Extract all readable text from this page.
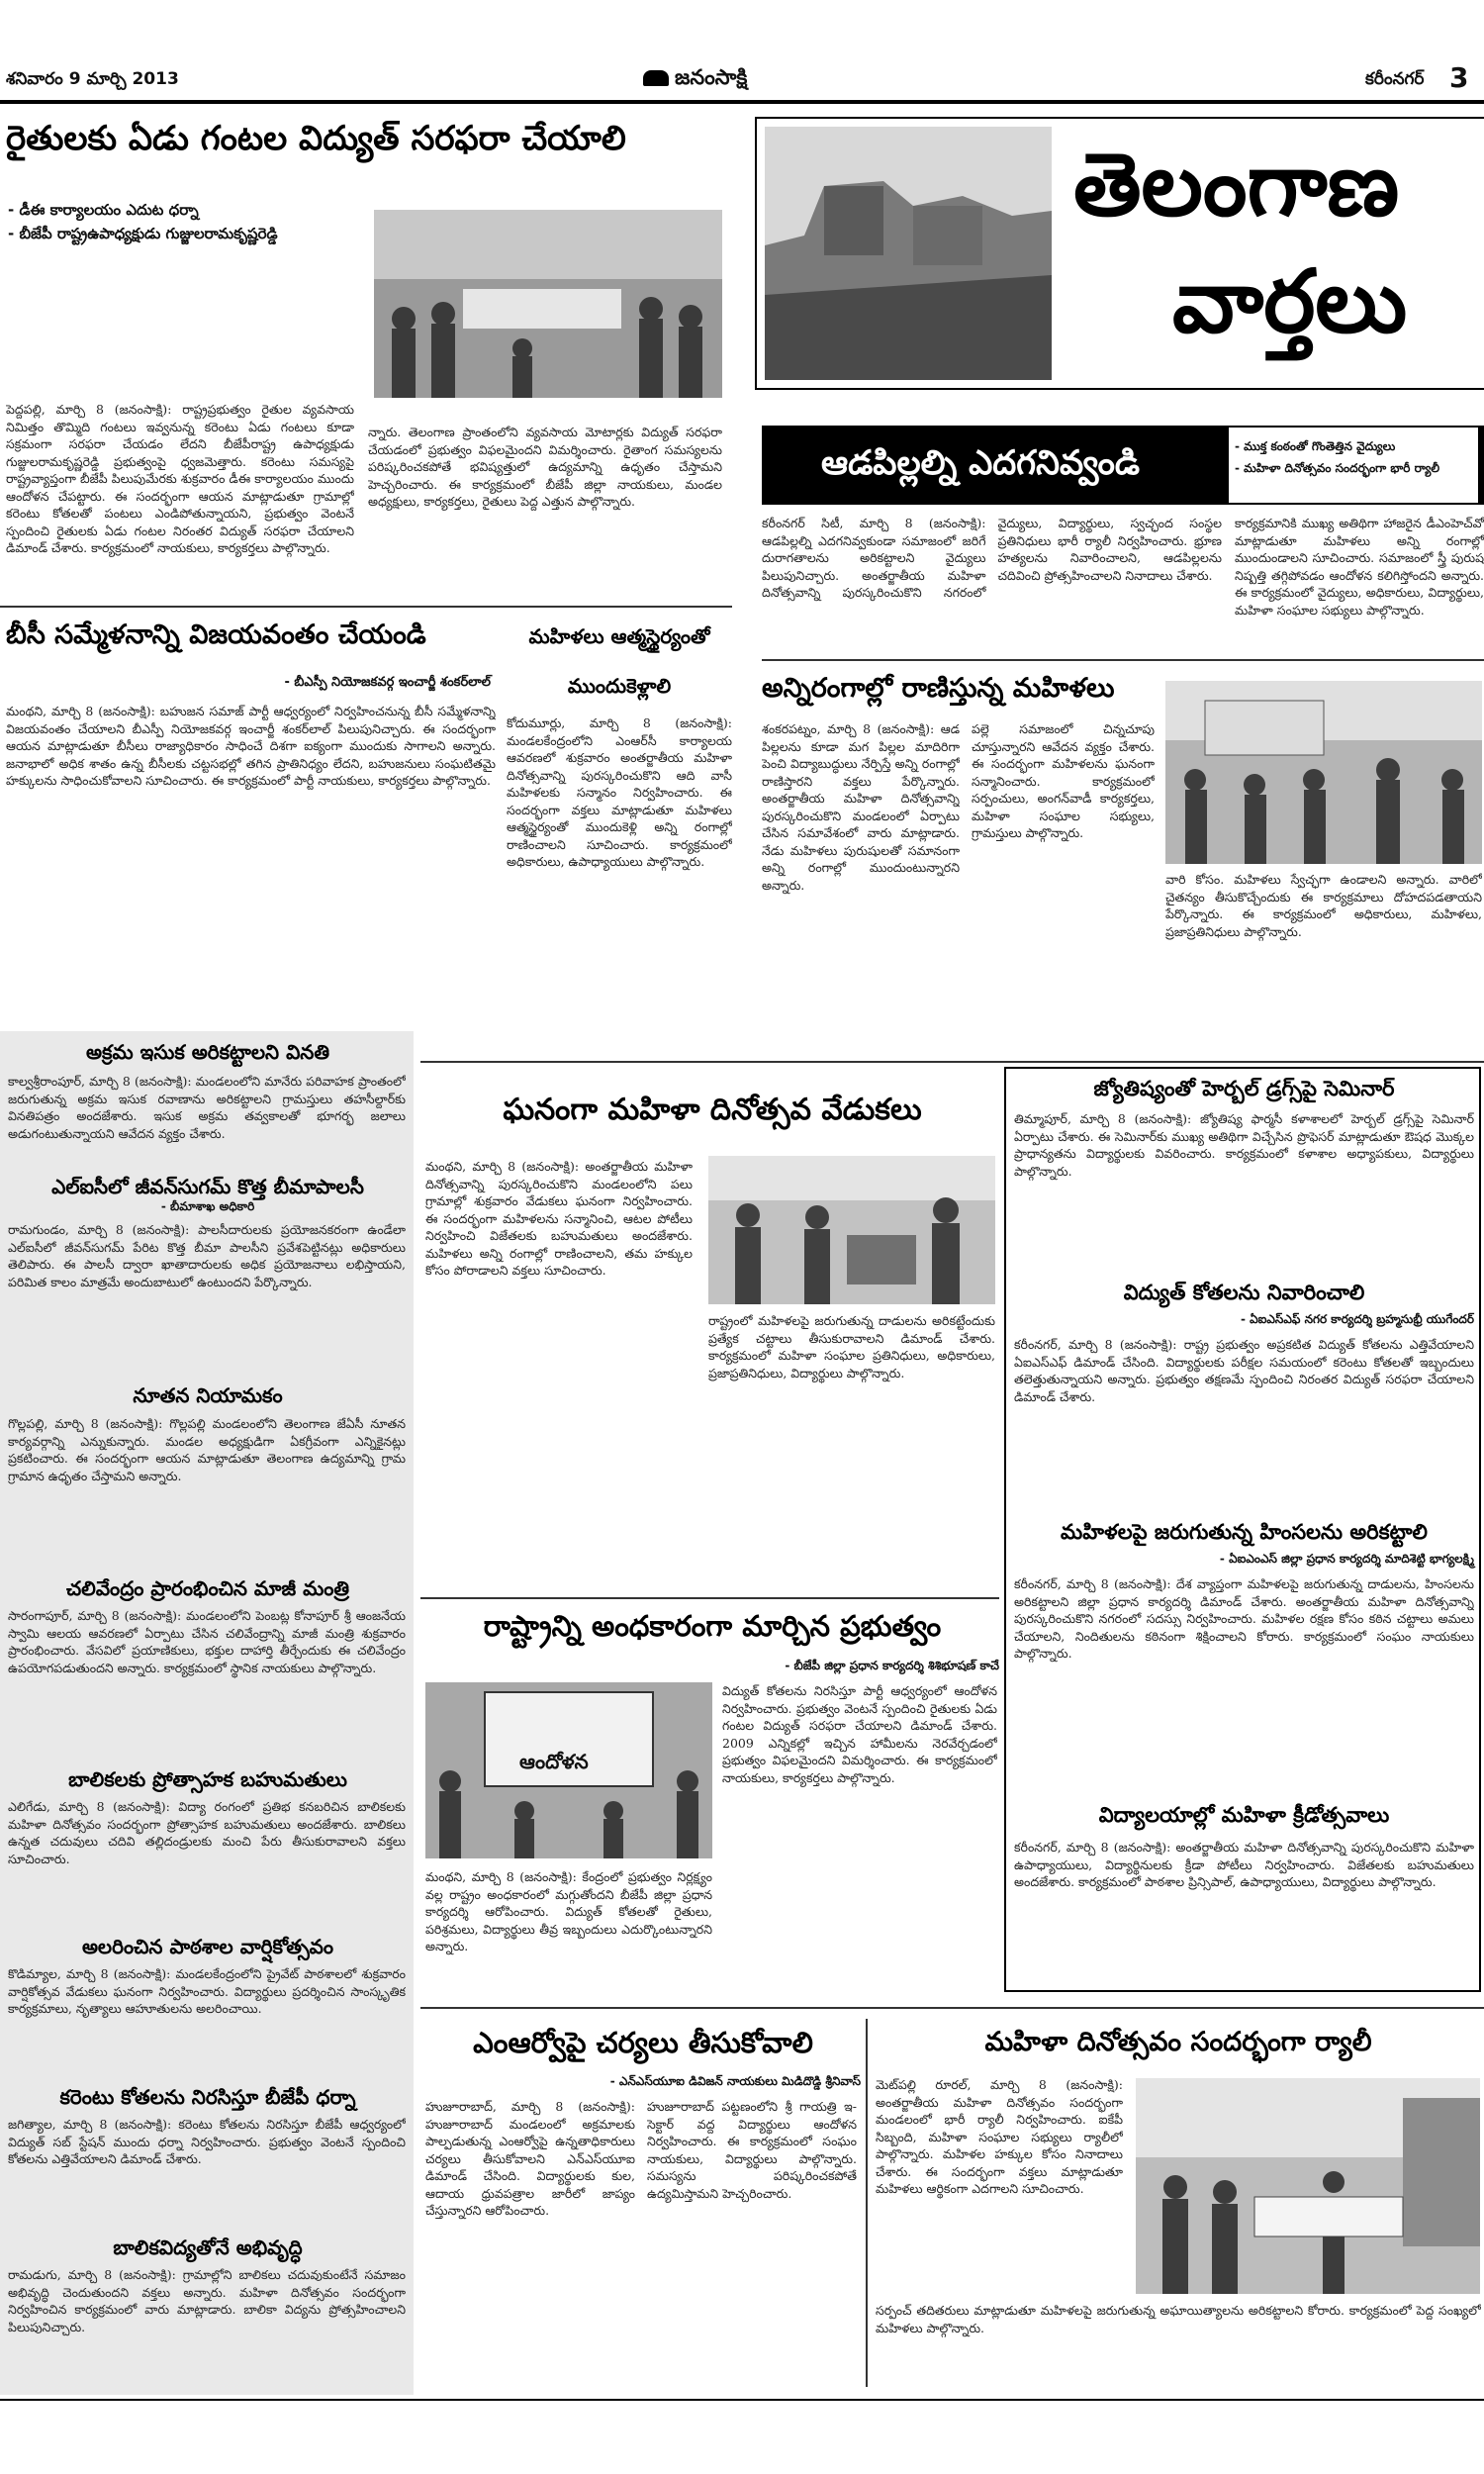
శనివారం 9 మార్చి 2013	జనంసాక్షి	కరీంనగర్ 3
రైతులకు ఏడు గంటల విద్యుత్ సరఫరా చేయాలి
- డీఈ కార్యాలయం ఎదుట ధర్నా
- బీజేపీ రాష్ట్రఉపాధ్యక్షుడు గుజ్జులరామకృష్ణరెడ్డి
పెద్దపల్లి, మార్చి 8 (జనంసాక్షి): రాష్ట్రప్రభుత్వం రైతుల వ్యవసాయ నిమిత్తం తొమ్మిది గంటలు ఇవ్వనున్న కరెంటు ఏడు గంటలు కూడా సక్రమంగా సరఫరా చేయడం లేదని బీజేపీరాష్ట్ర ఉపాధ్యక్షుడు గుజ్జులరామకృష్ణరెడ్డి ప్రభుత్వంపై ధ్వజమెత్తారు. కరెంటు సమస్యపై రాష్ట్రవ్యాప్తంగా బీజేపీ పిలుపుమేరకు శుక్రవారం డీఈ కార్యాలయం ముందు ఆందోళన చేపట్టారు. ఈ సందర్భంగా ఆయన మాట్లాడుతూ గ్రామాల్లో కరెంటు కోతలతో పంటలు ఎండిపోతున్నాయని, ప్రభుత్వం వెంటనే స్పందించి రైతులకు ఏడు గంటల నిరంతర విద్యుత్ సరఫరా చేయాలని డిమాండ్ చేశారు. కార్యక్రమంలో నాయకులు, కార్యకర్తలు పాల్గొన్నారు.
న్నారు. తెలంగాణ ప్రాంతంలోని వ్యవసాయ మోటార్లకు విద్యుత్ సరఫరా చేయడంలో ప్రభుత్వం విఫలమైందని విమర్శించారు. రైతాంగ సమస్యలను పరిష్కరించకపోతే భవిష్యత్తులో ఉద్యమాన్ని ఉధృతం చేస్తామని హెచ్చరించారు. ఈ కార్యక్రమంలో బీజేపీ జిల్లా నాయకులు, మండల అధ్యక్షులు, కార్యకర్తలు, రైతులు పెద్ద ఎత్తున పాల్గొన్నారు.
తెలంగాణ
వార్తలు
ఆడపిల్లల్ని ఎదగనివ్వండి	- ముక్త కంఠంతో గొంతెత్తిన వైద్యులు
- మహిళా దినోత్సవం సందర్భంగా భారీ ర్యాలీ
కరీంనగర్ సిటీ, మార్చి 8 (జనంసాక్షి): ఆడపిల్లల్ని ఎదగనివ్వకుండా సమాజంలో జరిగే దురాగతాలను అరికట్టాలని వైద్యులు పిలుపునిచ్చారు. అంతర్జాతీయ మహిళా దినోత్సవాన్ని పురస్కరించుకొని నగరంలో వైద్యులు, విద్యార్థులు, స్వచ్ఛంద సంస్థల ప్రతినిధులు భారీ ర్యాలీ నిర్వహించారు. భ్రూణ హత్యలను నివారించాలని, ఆడపిల్లలను చదివించి ప్రోత్సహించాలని నినాదాలు చేశారు.
కార్యక్రమానికి ముఖ్య అతిథిగా హాజరైన డీఎంహెచ్‌వో మాట్లాడుతూ మహిళలు అన్ని రంగాల్లో ముందుండాలని సూచించారు. సమాజంలో స్త్రీ పురుష నిష్పత్తి తగ్గిపోవడం ఆందోళన కలిగిస్తోందని అన్నారు. ఈ కార్యక్రమంలో వైద్యులు, అధికారులు, విద్యార్థులు, మహిళా సంఘాల సభ్యులు పాల్గొన్నారు.
బీసీ సమ్మేళనాన్ని విజయవంతం చేయండి
- బీఎస్పీ నియోజకవర్గ ఇంచార్జీ శంకర్‌లాల్
మంథని, మార్చి 8 (జనంసాక్షి): బహుజన సమాజ్ పార్టీ ఆధ్వర్యంలో నిర్వహించనున్న బీసీ సమ్మేళనాన్ని విజయవంతం చేయాలని బీఎస్పీ నియోజకవర్గ ఇంచార్జీ శంకర్‌లాల్ పిలుపునిచ్చారు. ఈ సందర్భంగా ఆయన మాట్లాడుతూ బీసీలు రాజ్యాధికారం సాధించే దిశగా ఐక్యంగా ముందుకు సాగాలని అన్నారు. జనాభాలో అధిక శాతం ఉన్న బీసీలకు చట్టసభల్లో తగిన ప్రాతినిధ్యం లేదని, బహుజనులు సంఘటితమై హక్కులను సాధించుకోవాలని సూచించారు. ఈ కార్యక్రమంలో పార్టీ నాయకులు, కార్యకర్తలు పాల్గొన్నారు.
మహిళలు ఆత్మస్థైర్యంతో ముందుకెళ్లాలి
కోదుమూర్లు, మార్చి 8 (జనంసాక్షి): మండలకేంద్రంలోని ఎంఆర్‌సీ కార్యాలయ ఆవరణలో శుక్రవారం అంతర్జాతీయ మహిళా దినోత్సవాన్ని పురస్కరించుకొని ఆది వాసీ మహిళలకు సన్మానం నిర్వహించారు. ఈ సందర్భంగా వక్తలు మాట్లాడుతూ మహిళలు ఆత్మస్థైర్యంతో ముందుకెళ్లి అన్ని రంగాల్లో రాణించాలని సూచించారు. కార్యక్రమంలో అధికారులు, ఉపాధ్యాయులు పాల్గొన్నారు.
అన్నిరంగాల్లో రాణిస్తున్న మహిళలు
శంకరపట్నం, మార్చి 8 (జనంసాక్షి): ఆడ పిల్లలను కూడా మగ పిల్లల మాదిరిగా పెంచి విద్యాబుద్ధులు నేర్పిస్తే అన్ని రంగాల్లో రాణిస్తారని వక్తలు పేర్కొన్నారు. అంతర్జాతీయ మహిళా దినోత్సవాన్ని పురస్కరించుకొని మండలంలో ఏర్పాటు చేసిన సమావేశంలో వారు మాట్లాడారు. నేడు మహిళలు పురుషులతో సమానంగా అన్ని రంగాల్లో ముందుంటున్నారని అన్నారు.
పల్లె సమాజంలో చిన్నచూపు చూస్తున్నారని ఆవేదన వ్యక్తం చేశారు. ఈ సందర్భంగా మహిళలను ఘనంగా సన్మానించారు. కార్యక్రమంలో సర్పంచులు, అంగన్‌వాడీ కార్యకర్తలు, మహిళా సంఘాల సభ్యులు, గ్రామస్తులు పాల్గొన్నారు.
వారి కోసం. మహిళలు స్వేచ్ఛగా ఉండాలని అన్నారు. వారిలో చైతన్యం తీసుకొచ్చేందుకు ఈ కార్యక్రమాలు దోహదపడతాయని పేర్కొన్నారు. ఈ కార్యక్రమంలో అధికారులు, మహిళలు, ప్రజాప్రతినిధులు పాల్గొన్నారు.
అక్రమ ఇసుక అరికట్టాలని వినతి
కాల్వశ్రీరాంపూర్, మార్చి 8 (జనంసాక్షి): మండలంలోని మానేరు పరివాహక ప్రాంతంలో జరుగుతున్న అక్రమ ఇసుక రవాణాను అరికట్టాలని గ్రామస్తులు తహసీల్దార్‌కు వినతిపత్రం అందజేశారు. ఇసుక అక్రమ తవ్వకాలతో భూగర్భ జలాలు అడుగంటుతున్నాయని ఆవేదన వ్యక్తం చేశారు.
ఎల్ఐసీలో జీవన్‌సుగమ్ కొత్త బీమాపాలసీ
- బీమాశాఖ అధికారి
రామగుండం, మార్చి 8 (జనంసాక్షి): పాలసీదారులకు ప్రయోజనకరంగా ఉండేలా ఎల్ఐసీలో జీవన్‌సుగమ్ పేరిట కొత్త బీమా పాలసీని ప్రవేశపెట్టినట్లు అధికారులు తెలిపారు. ఈ పాలసీ ద్వారా ఖాతాదారులకు అధిక ప్రయోజనాలు లభిస్తాయని, పరిమిత కాలం మాత్రమే అందుబాటులో ఉంటుందని పేర్కొన్నారు.
నూతన నియామకం
గొల్లపల్లి, మార్చి 8 (జనంసాక్షి): గొల్లపల్లి మండలంలోని తెలంగాణ జేఏసీ నూతన కార్యవర్గాన్ని ఎన్నుకున్నారు. మండల అధ్యక్షుడిగా ఏకగ్రీవంగా ఎన్నికైనట్లు ప్రకటించారు. ఈ సందర్భంగా ఆయన మాట్లాడుతూ తెలంగాణ ఉద్యమాన్ని గ్రామ గ్రామాన ఉధృతం చేస్తామని అన్నారు.
చలివేంద్రం ప్రారంభించిన మాజీ మంత్రి
సారంగాపూర్, మార్చి 8 (జనంసాక్షి): మండలంలోని పెంబట్ల కోనాపూర్ శ్రీ ఆంజనేయ స్వామి ఆలయ ఆవరణలో ఏర్పాటు చేసిన చలివేంద్రాన్ని మాజీ మంత్రి శుక్రవారం ప్రారంభించారు. వేసవిలో ప్రయాణికులు, భక్తుల దాహార్తి తీర్చేందుకు ఈ చలివేంద్రం ఉపయోగపడుతుందని అన్నారు. కార్యక్రమంలో స్థానిక నాయకులు పాల్గొన్నారు.
బాలికలకు ప్రోత్సాహక బహుమతులు
ఎలిగేడు, మార్చి 8 (జనంసాక్షి): విద్యా రంగంలో ప్రతిభ కనబరిచిన బాలికలకు మహిళా దినోత్సవం సందర్భంగా ప్రోత్సాహక బహుమతులు అందజేశారు. బాలికలు ఉన్నత చదువులు చదివి తల్లిదండ్రులకు మంచి పేరు తీసుకురావాలని వక్తలు సూచించారు.
అలరించిన పాఠశాల వార్షికోత్సవం
కొడిమ్యాల, మార్చి 8 (జనంసాక్షి): మండలకేంద్రంలోని ప్రైవేట్ పాఠశాలలో శుక్రవారం వార్షికోత్సవ వేడుకలు ఘనంగా నిర్వహించారు. విద్యార్థులు ప్రదర్శించిన సాంస్కృతిక కార్యక్రమాలు, నృత్యాలు ఆహూతులను అలరించాయి.
కరెంటు కోతలను నిరసిస్తూ బీజేపీ ధర్నా
జగిత్యాల, మార్చి 8 (జనంసాక్షి): కరెంటు కోతలను నిరసిస్తూ బీజేపీ ఆధ్వర్యంలో విద్యుత్ సబ్ స్టేషన్ ముందు ధర్నా నిర్వహించారు. ప్రభుత్వం వెంటనే స్పందించి కోతలను ఎత్తివేయాలని డిమాండ్ చేశారు.
బాలికవిద్యతోనే అభివృద్ధి
రామడుగు, మార్చి 8 (జనంసాక్షి): గ్రామాల్లోని బాలికలు చదువుకుంటేనే సమాజం అభివృద్ధి చెందుతుందని వక్తలు అన్నారు. మహిళా దినోత్సవం సందర్భంగా నిర్వహించిన కార్యక్రమంలో వారు మాట్లాడారు. బాలికా విద్యను ప్రోత్సహించాలని పిలుపునిచ్చారు.
ఘనంగా మహిళా దినోత్సవ వేడుకలు
మంథని, మార్చి 8 (జనంసాక్షి): అంతర్జాతీయ మహిళా దినోత్సవాన్ని పురస్కరించుకొని మండలంలోని పలు గ్రామాల్లో శుక్రవారం వేడుకలు ఘనంగా నిర్వహించారు. ఈ సందర్భంగా మహిళలను సన్మానించి, ఆటల పోటీలు నిర్వహించి విజేతలకు బహుమతులు అందజేశారు. మహిళలు అన్ని రంగాల్లో రాణించాలని, తమ హక్కుల కోసం పోరాడాలని వక్తలు సూచించారు.
రాష్ట్రంలో మహిళలపై జరుగుతున్న దాడులను అరికట్టేందుకు ప్రత్యేక చట్టాలు తీసుకురావాలని డిమాండ్ చేశారు. కార్యక్రమంలో మహిళా సంఘాల ప్రతినిధులు, అధికారులు, ప్రజాప్రతినిధులు, విద్యార్థులు పాల్గొన్నారు.
జ్యోతిష్యంతో హెర్బల్ డ్రగ్స్‌పై సెమినార్
తిమ్మాపూర్, మార్చి 8 (జనంసాక్షి): జ్యోతిష్య ఫార్మసీ కళాశాలలో హెర్బల్ డ్రగ్స్‌పై సెమినార్ ఏర్పాటు చేశారు. ఈ సెమినార్‌కు ముఖ్య అతిథిగా విచ్చేసిన ప్రొఫెసర్ మాట్లాడుతూ ఔషధ మొక్కల ప్రాధాన్యతను విద్యార్థులకు వివరించారు. కార్యక్రమంలో కళాశాల అధ్యాపకులు, విద్యార్థులు పాల్గొన్నారు.
విద్యుత్ కోతలను నివారించాలి
- ఏఐఎస్ఎఫ్ నగర కార్యదర్శి బ్రహ్మసుభ్రీ యుగేందర్
కరీంనగర్, మార్చి 8 (జనంసాక్షి): రాష్ట్ర ప్రభుత్వం అప్రకటిత విద్యుత్ కోతలను ఎత్తివేయాలని ఏఐఎస్ఎఫ్ డిమాండ్ చేసింది. విద్యార్థులకు పరీక్షల సమయంలో కరెంటు కోతలతో ఇబ్బందులు తలెత్తుతున్నాయని అన్నారు. ప్రభుత్వం తక్షణమే స్పందించి నిరంతర విద్యుత్ సరఫరా చేయాలని డిమాండ్ చేశారు.
మహిళలపై జరుగుతున్న హింసలను అరికట్టాలి
- ఏఐఎంఎస్ జిల్లా ప్రధాన కార్యదర్శి మాదిశెట్టి భాగ్యలక్ష్మి
కరీంనగర్, మార్చి 8 (జనంసాక్షి): దేశ వ్యాప్తంగా మహిళలపై జరుగుతున్న దాడులను, హింసలను అరికట్టాలని జిల్లా ప్రధాన కార్యదర్శి డిమాండ్ చేశారు. అంతర్జాతీయ మహిళా దినోత్సవాన్ని పురస్కరించుకొని నగరంలో సదస్సు నిర్వహించారు. మహిళల రక్షణ కోసం కఠిన చట్టాలు అమలు చేయాలని, నిందితులను కఠినంగా శిక్షించాలని కోరారు. కార్యక్రమంలో సంఘం నాయకులు పాల్గొన్నారు.
విద్యాలయాల్లో మహిళా క్రీడోత్సవాలు
కరీంనగర్, మార్చి 8 (జనంసాక్షి): అంతర్జాతీయ మహిళా దినోత్సవాన్ని పురస్కరించుకొని మహిళా ఉపాధ్యాయులు, విద్యార్థినులకు క్రీడా పోటీలు నిర్వహించారు. విజేతలకు బహుమతులు అందజేశారు. కార్యక్రమంలో పాఠశాల ప్రిన్సిపాల్, ఉపాధ్యాయులు, విద్యార్థులు పాల్గొన్నారు.
రాష్ట్రాన్ని అంధకారంగా మార్చిన ప్రభుత్వం
- బీజేపీ జిల్లా ప్రధాన కార్యదర్శి శిశిభూషణ్ కాచే
ఆందోళన
మంథని, మార్చి 8 (జనంసాక్షి): కేంద్రంలో ప్రభుత్వం నిర్లక్ష్యం వల్ల రాష్ట్రం అంధకారంలో మగ్గుతోందని బీజేపీ జిల్లా ప్రధాన కార్యదర్శి ఆరోపించారు. విద్యుత్ కోతలతో రైతులు, పరిశ్రమలు, విద్యార్థులు తీవ్ర ఇబ్బందులు ఎదుర్కొంటున్నారని అన్నారు.
విద్యుత్ కోతలను నిరసిస్తూ పార్టీ ఆధ్వర్యంలో ఆందోళన నిర్వహించారు. ప్రభుత్వం వెంటనే స్పందించి రైతులకు ఏడు గంటల విద్యుత్ సరఫరా చేయాలని డిమాండ్ చేశారు. 2009 ఎన్నికల్లో ఇచ్చిన హామీలను నెరవేర్చడంలో ప్రభుత్వం విఫలమైందని విమర్శించారు. ఈ కార్యక్రమంలో నాయకులు, కార్యకర్తలు పాల్గొన్నారు.
ఎంఆర్వోపై చర్యలు తీసుకోవాలి
- ఎన్ఎస్‌యూఐ డివిజన్ నాయకులు మిడిదొడ్డి శ్రీనివాస్
హుజూరాబాద్, మార్చి 8 (జనంసాక్షి): హుజూరాబాద్ మండలంలో అక్రమాలకు పాల్పడుతున్న ఎంఆర్వోపై ఉన్నతాధికారులు చర్యలు తీసుకోవాలని ఎన్ఎస్‌యూఐ డిమాండ్ చేసింది. విద్యార్థులకు కుల, ఆదాయ ధ్రువపత్రాల జారీలో జాప్యం చేస్తున్నారని ఆరోపించారు.
హుజూరాబాద్ పట్టణంలోని శ్రీ గాయత్రి ఇ-సెక్టార్ వద్ద విద్యార్థులు ఆందోళన నిర్వహించారు. ఈ కార్యక్రమంలో సంఘం నాయకులు, విద్యార్థులు పాల్గొన్నారు. సమస్యను పరిష్కరించకపోతే ఉద్యమిస్తామని హెచ్చరించారు.
మహిళా దినోత్సవం సందర్భంగా ర్యాలీ
మెట్‌పల్లి రూరల్, మార్చి 8 (జనంసాక్షి): అంతర్జాతీయ మహిళా దినోత్సవం సందర్భంగా మండలంలో భారీ ర్యాలీ నిర్వహించారు. ఐకేపీ సిబ్బంది, మహిళా సంఘాల సభ్యులు ర్యాలీలో పాల్గొన్నారు. మహిళల హక్కుల కోసం నినాదాలు చేశారు. ఈ సందర్భంగా వక్తలు మాట్లాడుతూ మహిళలు ఆర్థికంగా ఎదగాలని సూచించారు.
సర్పంచ్ తదితరులు మాట్లాడుతూ మహిళలపై జరుగుతున్న అఘాయిత్యాలను అరికట్టాలని కోరారు. కార్యక్రమంలో పెద్ద సంఖ్యలో మహిళలు పాల్గొన్నారు.
